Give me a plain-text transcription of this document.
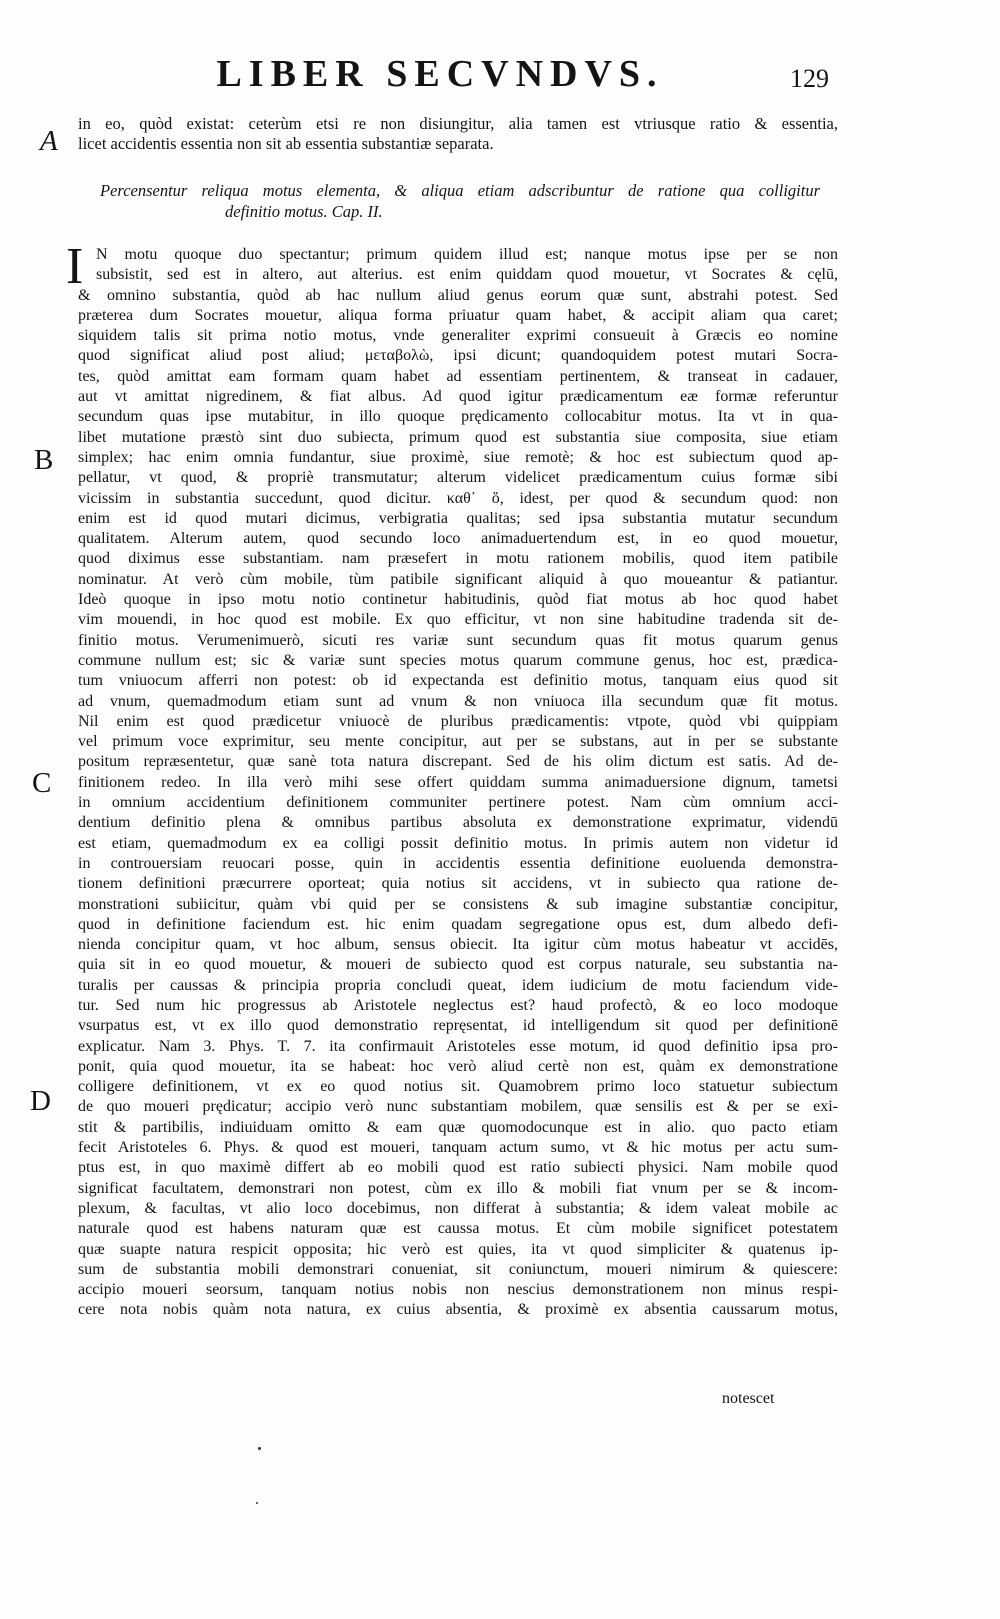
LIBER SECVNDVS.	129
A
B
C
D
in eo, quòd existat: ceterùm etsi re non disiungitur, alia tamen est vtriusque ratio & essentia,
licet accidentis essentia non sit ab essentia substantiæ separata.
Percensentur reliqua motus elementa, & aliqua etiam adscribuntur de ratione qua colligitur
definitio motus. Cap. II.
I N motu quoque duo spectantur; primum quidem illud est; nanque motus ipse per se non
subsistit, sed est in altero, aut alterius. est enim quiddam quod mouetur, vt Socrates & cęlū,
& omnino substantia, quòd ab hac nullum aliud genus eorum quæ sunt, abstrahi potest. Sed
præterea dum Socrates mouetur, aliqua forma priuatur quam habet, & accipit aliam qua caret;
siquidem talis sit prima notio motus, vnde generaliter exprimi consueuit à Græcis eo nomine
quod significat aliud post aliud; μεταβολὼ, ipsi dicunt; quandoquidem potest mutari Socra-
tes, quòd amittat eam formam quam habet ad essentiam pertinentem, & transeat in cadauer,
aut vt amittat nigredinem, & fiat albus. Ad quod igitur prædicamentum eæ formæ referuntur
secundum quas ipse mutabitur, in illo quoque prędicamento collocabitur motus. Ita vt in qua-
libet mutatione præstò sint duo subiecta, primum quod est substantia siue composita, siue etiam
simplex; hac enim omnia fundantur, siue proximè, siue remotè; & hoc est subiectum quod ap-
pellatur, vt quod, & propriè transmutatur; alterum videlicet prædicamentum cuius formæ sibi
vicissim in substantia succedunt, quod dicitur. καθ᾽ ὅ, idest, per quod & secundum quod: non
enim est id quod mutari dicimus, verbigratia qualitas; sed ipsa substantia mutatur secundum
qualitatem. Alterum autem, quod secundo loco animaduertendum est, in eo quod mouetur,
quod diximus esse substantiam. nam præsefert in motu rationem mobilis, quod item patibile
nominatur. At verò cùm mobile, tùm patibile significant aliquid à quo moueantur & patiantur.
Ideò quoque in ipso motu notio continetur habitudinis, quòd fiat motus ab hoc quod habet
vim mouendi, in hoc quod est mobile. Ex quo efficitur, vt non sine habitudine tradenda sit de-
finitio motus. Verumenimuerò, sicuti res variæ sunt secundum quas fit motus quarum genus
commune nullum est; sic & variæ sunt species motus quarum commune genus, hoc est, prædica-
tum vniuocum afferri non potest: ob id expectanda est definitio motus, tanquam eius quod sit
ad vnum, quemadmodum etiam sunt ad vnum & non vniuoca illa secundum quæ fit motus.
Nil enim est quod prædicetur vniuocè de pluribus prædicamentis: vtpote, quòd vbi quippiam
vel primum voce exprimitur, seu mente concipitur, aut per se substans, aut in per se substante
positum repræsentetur, quæ sanè tota natura discrepant. Sed de his olim dictum est satis. Ad de-
finitionem redeo. In illa verò mihi sese offert quiddam summa animaduersione dignum, tametsi
in omnium accidentium definitionem communiter pertinere potest. Nam cùm omnium acci-
dentium definitio plena & omnibus partibus absoluta ex demonstratione exprimatur, videndū
est etiam, quemadmodum ex ea colligi possit definitio motus. In primis autem non videtur id
in controuersiam reuocari posse, quin in accidentis essentia definitione euoluenda demonstra-
tionem definitioni præcurrere oporteat; quia notius sit accidens, vt in subiecto qua ratione de-
monstrationi subiicitur, quàm vbi quid per se consistens & sub imagine substantiæ concipitur,
quod in definitione faciendum est. hic enim quadam segregatione opus est, dum albedo defi-
nienda concipitur quam, vt hoc album, sensus obiecit. Ita igitur cùm motus habeatur vt accidēs,
quia sit in eo quod mouetur, & moueri de subiecto quod est corpus naturale, seu substantia na-
turalis per caussas & principia propria concludi queat, idem iudicium de motu faciendum vide-
tur. Sed num hic progressus ab Aristotele neglectus est? haud profectò, & eo loco modoque
vsurpatus est, vt ex illo quod demonstratio repręsentat, id intelligendum sit quod per definitionē
explicatur. Nam 3. Phys. T. 7. ita confirmauit Aristoteles esse motum, id quod definitio ipsa pro-
ponit, quia quod mouetur, ita se habeat: hoc verò aliud certè non est, quàm ex demonstratione
colligere definitionem, vt ex eo quod notius sit. Quamobrem primo loco statuetur subiectum
de quo moueri prędicatur; accipio verò nunc substantiam mobilem, quæ sensilis est & per se exi-
stit & partibilis, indiuiduam omitto & eam quæ quomodocunque est in alio. quo pacto etiam
fecit Aristoteles 6. Phys. & quod est moueri, tanquam actum sumo, vt & hic motus per actu sum-
ptus est, in quo maximè differt ab eo mobili quod est ratio subiecti physici. Nam mobile quod
significat facultatem, demonstrari non potest, cùm ex illo & mobili fiat vnum per se & incom-
plexum, & facultas, vt alio loco docebimus, non differat à substantia; & idem valeat mobile ac
naturale quod est habens naturam quæ est caussa motus. Et cùm mobile significet potestatem
quæ suapte natura respicit opposita; hic verò est quies, ita vt quod simpliciter & quatenus ip-
sum de substantia mobili demonstrari conueniat, sit coniunctum, moueri nimirum & quiescere:
accipio moueri seorsum, tanquam notius nobis non nescius demonstrationem non minus respi-
cere nota nobis quàm nota natura, ex cuius absentia, & proximè ex absentia caussarum motus,
notescet
